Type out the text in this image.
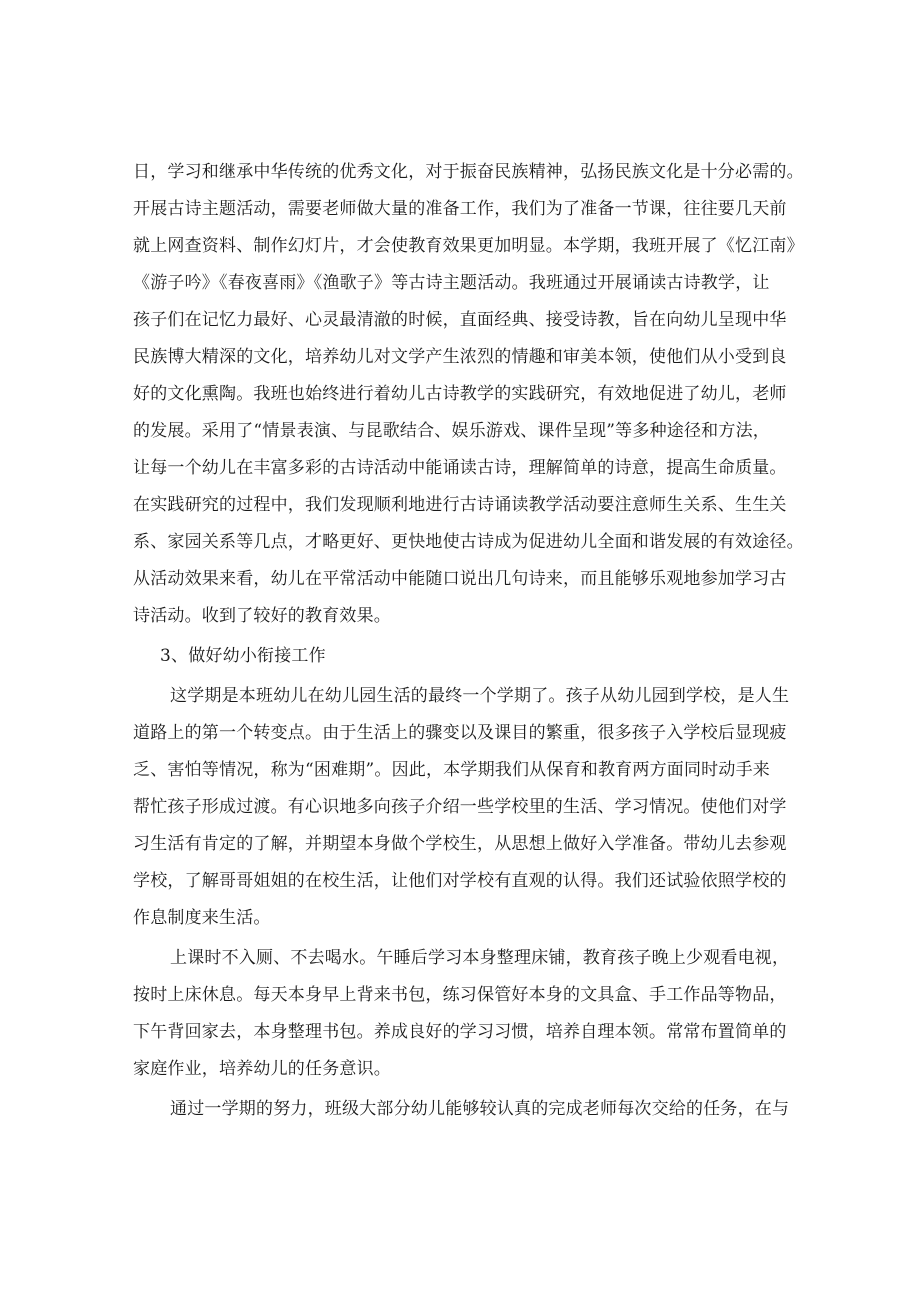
日，学习和继承中华传统的优秀文化，对于振奋民族精神，弘扬民族文化是十分必需的。
开展古诗主题活动，需要老师做大量的准备工作，我们为了准备一节课，往往要几天前
就上网查资料、制作幻灯片，才会使教育效果更加明显。本学期，我班开展了《忆江南》
《游子吟》《春夜喜雨》《渔歌子》等古诗主题活动。我班通过开展诵读古诗教学，让
孩子们在记忆力最好、心灵最清澈的时候，直面经典、接受诗教，旨在向幼儿呈现中华
民族博大精深的文化，培养幼儿对文学产生浓烈的情趣和审美本领，使他们从小受到良
好的文化熏陶。我班也始终进行着幼儿古诗教学的实践研究，有效地促进了幼儿，老师
的发展。采用了“情景表演、与昆歌结合、娱乐游戏、课件呈现”等多种途径和方法，
让每一个幼儿在丰富多彩的古诗活动中能诵读古诗，理解简单的诗意，提高生命质量。
在实践研究的过程中，我们发现顺利地进行古诗诵读教学活动要注意师生关系、生生关
系、家园关系等几点，才略更好、更快地使古诗成为促进幼儿全面和谐发展的有效途径。
从活动效果来看，幼儿在平常活动中能随口说出几句诗来，而且能够乐观地参加学习古
诗活动。收到了较好的教育效果。
3、做好幼小衔接工作
这学期是本班幼儿在幼儿园生活的最终一个学期了。孩子从幼儿园到学校，是人生
道路上的第一个转变点。由于生活上的骤变以及课目的繁重，很多孩子入学校后显现疲
乏、害怕等情况，称为“困难期”。因此，本学期我们从保育和教育两方面同时动手来
帮忙孩子形成过渡。有心识地多向孩子介绍一些学校里的生活、学习情况。使他们对学
习生活有肯定的了解，并期望本身做个学校生，从思想上做好入学准备。带幼儿去参观
学校，了解哥哥姐姐的在校生活，让他们对学校有直观的认得。我们还试验依照学校的
作息制度来生活。
上课时不入厕、不去喝水。午睡后学习本身整理床铺，教育孩子晚上少观看电视，
按时上床休息。每天本身早上背来书包，练习保管好本身的文具盒、手工作品等物品，
下午背回家去，本身整理书包。养成良好的学习习惯，培养自理本领。常常布置简单的
家庭作业，培养幼儿的任务意识。
通过一学期的努力，班级大部分幼儿能够较认真的完成老师每次交给的任务，在与
